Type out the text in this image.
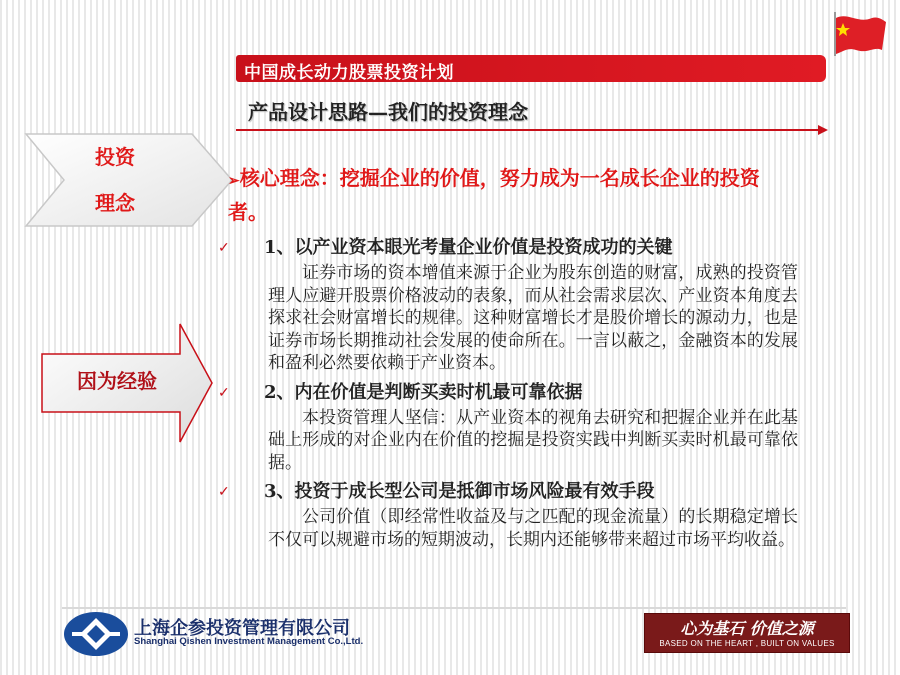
中国成长动力股票投资计划
产品设计思路—我们的投资理念
投资
理念
因为经验
➢核心理念：挖掘企业的价值，努力成为一名成长企业的投资者。
✓ 1、以产业资本眼光考量企业价值是投资成功的关键
证券市场的资本增值来源于企业为股东创造的财富，成熟的投资管理人应避开股票价格波动的表象，而从社会需求层次、产业资本角度去探求社会财富增长的规律。这种财富增长才是股价增长的源动力，也是证券市场长期推动社会发展的使命所在。一言以蔽之，金融资本的发展和盈利必然要依赖于产业资本。
✓ 2、内在价值是判断买卖时机最可靠依据
本投资管理人坚信：从产业资本的视角去研究和把握企业并在此基础上形成的对企业内在价值的挖掘是投资实践中判断买卖时机最可靠依据。
✓ 3、投资于成长型公司是抵御市场风险最有效手段
公司价值（即经常性收益及与之匹配的现金流量）的长期稳定增长不仅可以规避市场的短期波动，长期内还能够带来超过市场平均收益。
上海企参投资管理有限公司
Shanghai Qishen Investment Management Co.,Ltd.
心为基石 价值之源
BASED ON THE HEART , BUILT ON VALUES
